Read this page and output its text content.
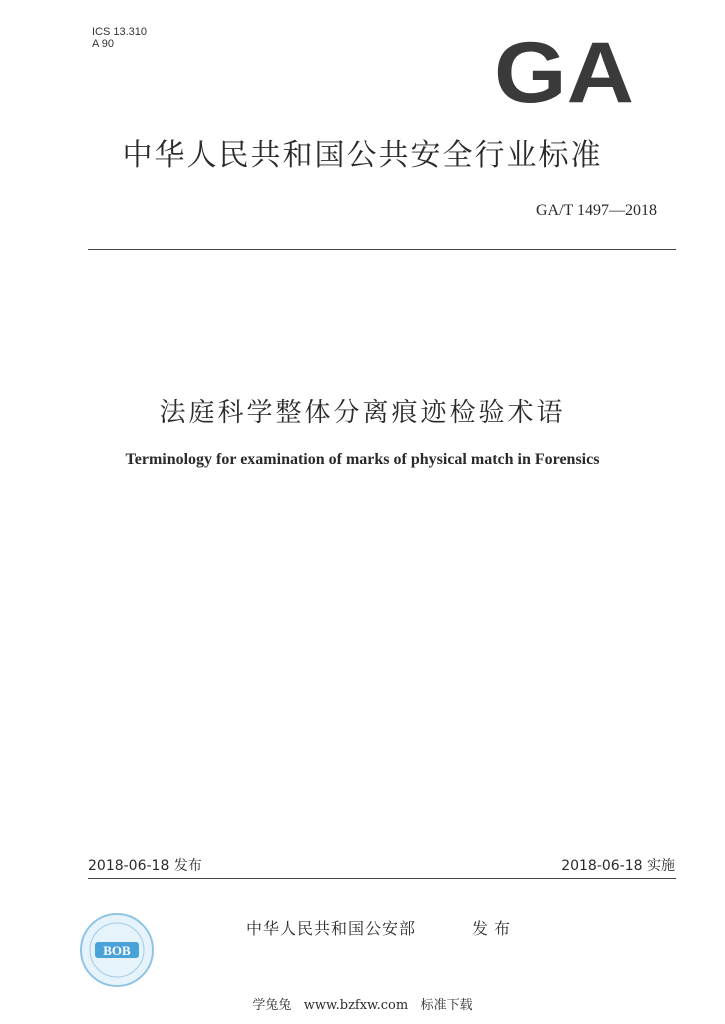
ICS 13.310
A 90	GA
中华人民共和国公共安全行业标准
GA/T 1497—2018
法庭科学整体分离痕迹检验术语
Terminology for examination of marks of physical match in Forensics
2018-06-18 发布	2018-06-18 实施
BOB
中华人民共和国公安部	发布
学兔兔   www.bzfxw.com   标准下载
